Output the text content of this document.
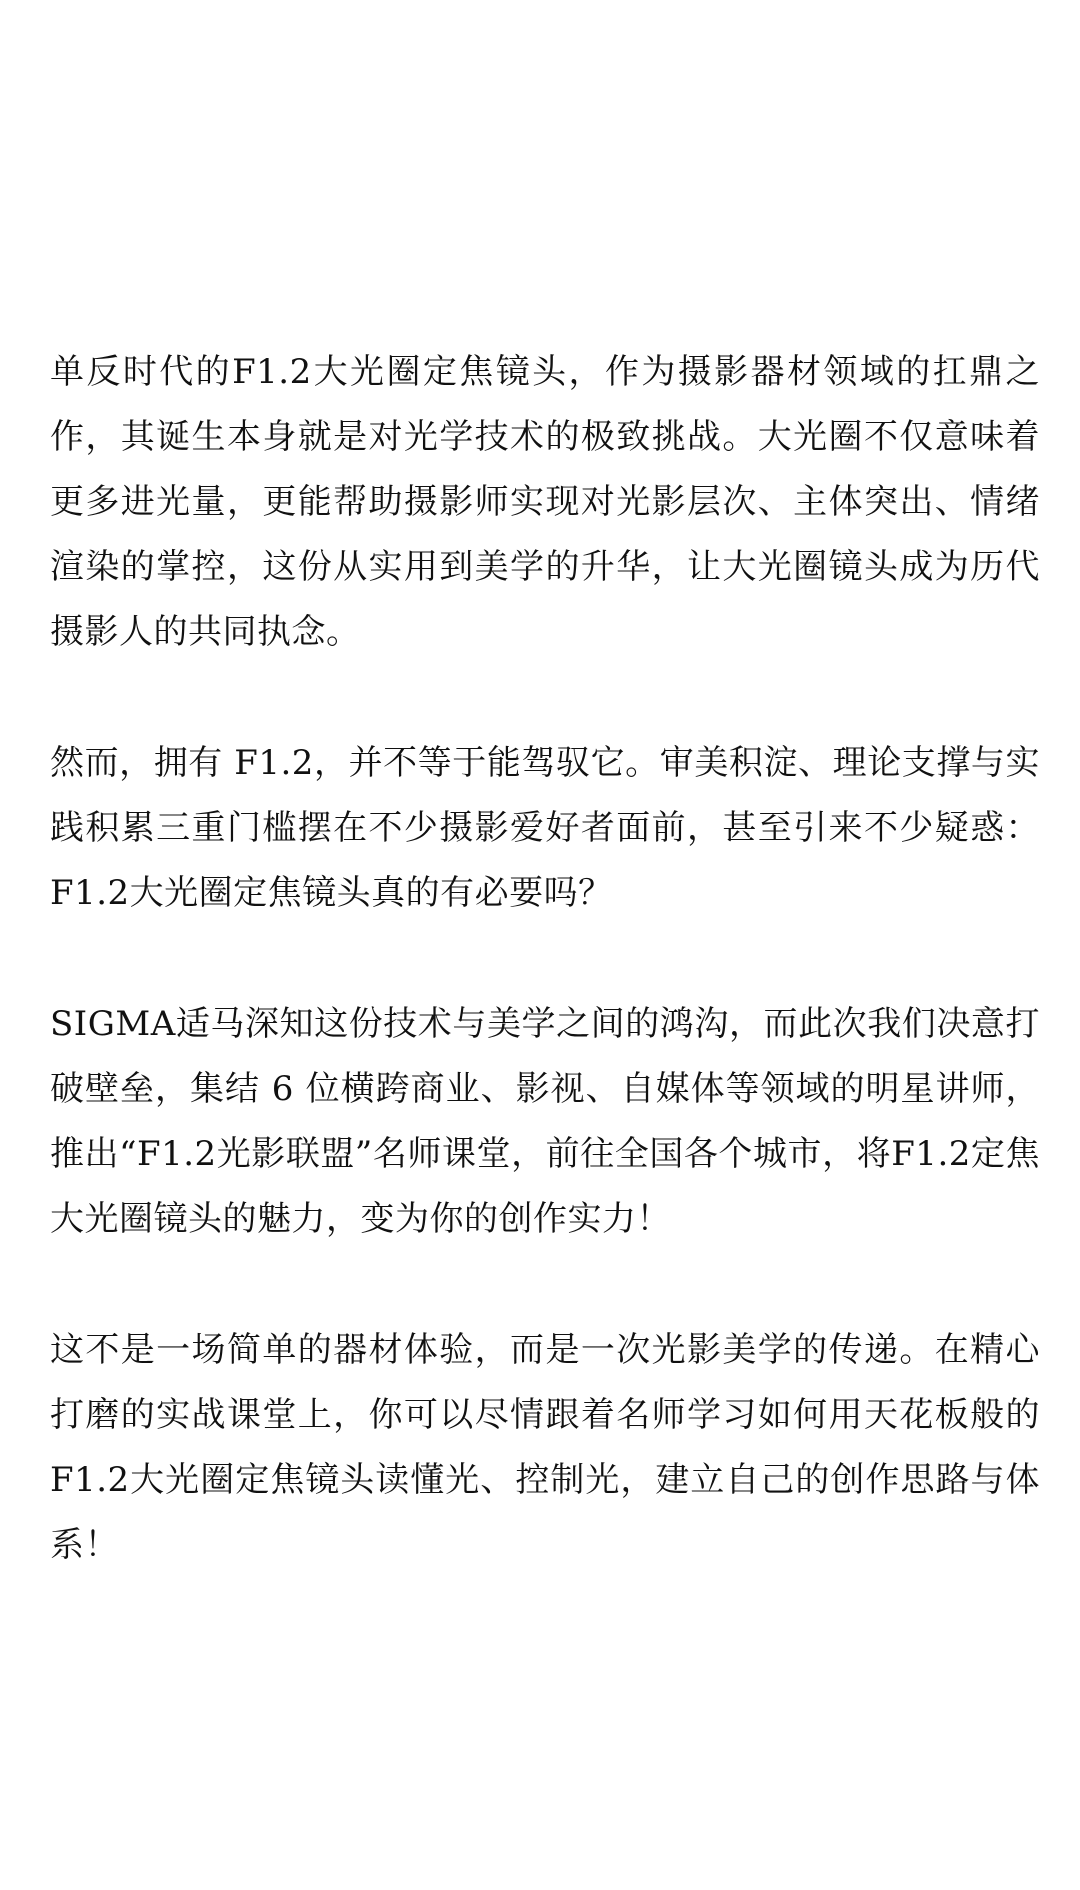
单反时代的F1.2大光圈定焦镜头，作为摄影器材领域的扛鼎之作，其诞生本身就是对光学技术的极致挑战。大光圈不仅意味着更多进光量，更能帮助摄影师实现对光影层次、主体突出、情绪渲染的掌控，这份从实用到美学的升华，让大光圈镜头成为历代摄影人的共同执念。

然而，拥有 F1.2，并不等于能驾驭它。审美积淀、理论支撑与实践积累三重门槛摆在不少摄影爱好者面前，甚至引来不少疑惑：F1.2大光圈定焦镜头真的有必要吗？

SIGMA适马深知这份技术与美学之间的鸿沟，而此次我们决意打破壁垒，集结 6 位横跨商业、影视、自媒体等领域的明星讲师，推出“F1.2光影联盟”名师课堂，前往全国各个城市，将F1.2定焦大光圈镜头的魅力，变为你的创作实力！

这不是一场简单的器材体验，而是一次光影美学的传递。在精心打磨的实战课堂上，你可以尽情跟着名师学习如何用天花板般的F1.2大光圈定焦镜头读懂光、控制光，建立自己的创作思路与体系！
